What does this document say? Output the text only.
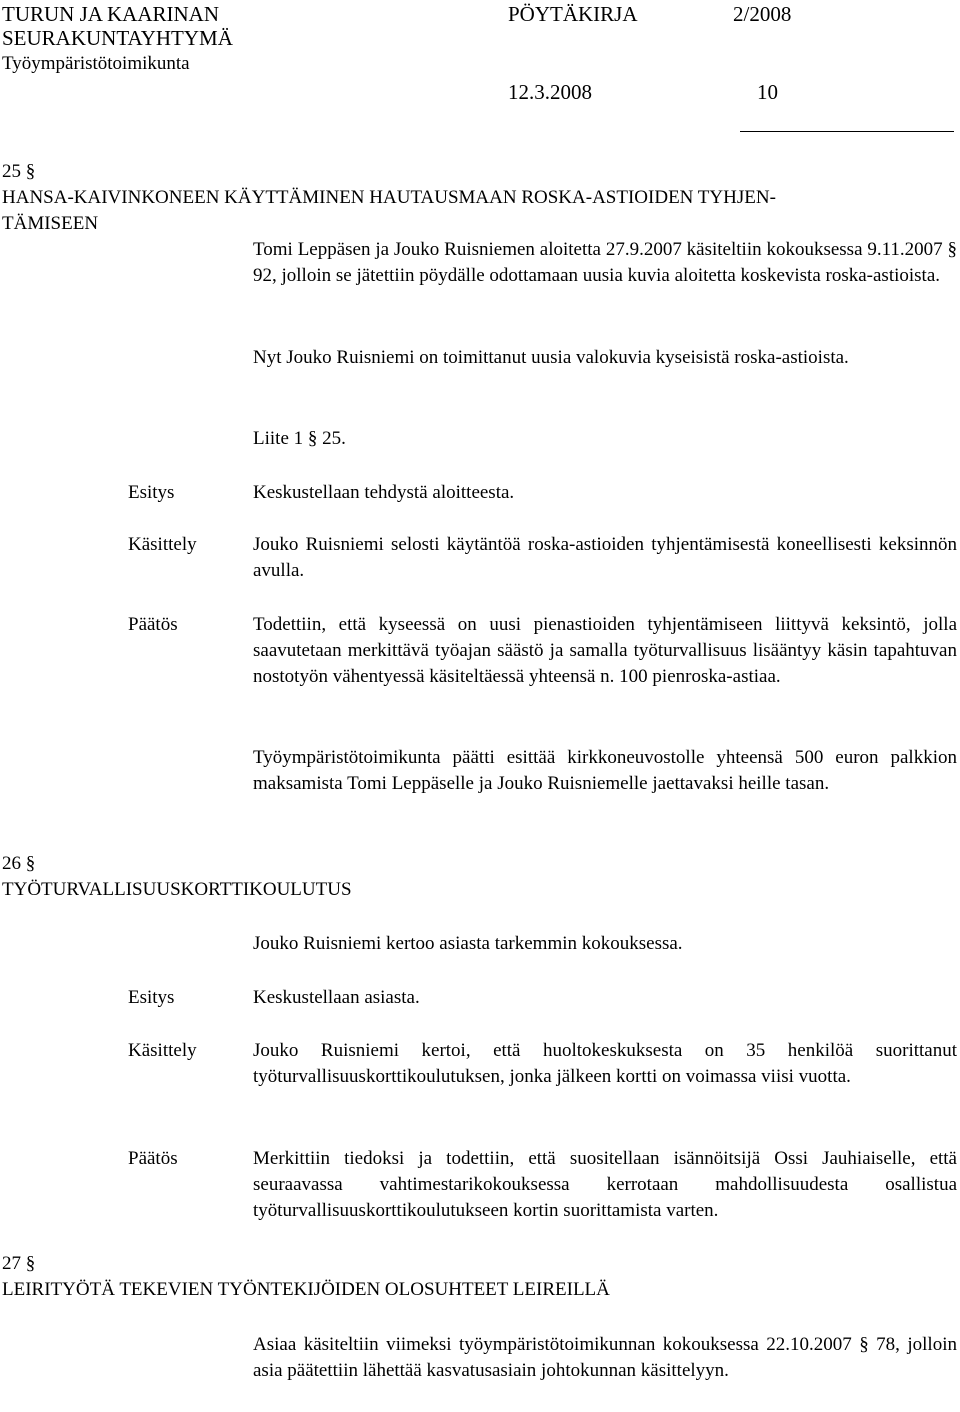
TURUN JA KAARINAN
SEURAKUNTAYHTYMÄ
Työympäristötoimikunta
PÖYTÄKIRJA	2/2008
12.3.2008	10
25 §
HANSA-KAIVINKONEEN KÄYTTÄMINEN HAUTAUSMAAN ROSKA-ASTIOIDEN TYHJEN-
TÄMISEEN
Tomi Leppäsen ja Jouko Ruisniemen aloitetta 27.9.2007 käsiteltiin kokouksessa 9.11.2007 § 92, jolloin se jätettiin pöydälle odottamaan uusia kuvia aloitetta koskevista roska-astioista.
Nyt Jouko Ruisniemi on toimittanut uusia valokuvia kyseisistä roska-astioista.
Liite 1 § 25.
Esitys	Keskustellaan tehdystä aloitteesta.
Käsittely	Jouko Ruisniemi selosti käytäntöä roska-astioiden tyhjentämisestä koneellisesti keksinnön avulla.
Päätös	Todettiin, että kyseessä on uusi pienastioiden tyhjentämiseen liittyvä keksintö, jolla saavutetaan merkittävä työajan säästö ja samalla työturvallisuus lisääntyy käsin tapahtuvan nostotyön vähentyessä käsiteltäessä yhteensä n. 100 pienroska-astiaa.
Työympäristötoimikunta päätti esittää kirkkoneuvostolle yhteensä 500 euron palkkion maksamista Tomi Leppäselle ja Jouko Ruisniemelle jaettavaksi heille tasan.
26 §
TYÖTURVALLISUUSKORTTIKOULUTUS
Jouko Ruisniemi kertoo asiasta tarkemmin kokouksessa.
Esitys	Keskustellaan asiasta.
Käsittely	Jouko Ruisniemi kertoi, että huoltokeskuksesta on 35 henkilöä suorittanut työturvallisuuskorttikoulutuksen, jonka jälkeen kortti on voimassa viisi vuotta.
Päätös	Merkittiin tiedoksi ja todettiin, että suositellaan isännöitsijä Ossi Jauhiaiselle, että seuraavassa vahtimestarikokouksessa kerrotaan mahdollisuudesta osallistua työturvallisuuskorttikoulutukseen kortin suorittamista varten.
27 §
LEIRITYÖTÄ TEKEVIEN TYÖNTEKIJÖIDEN OLOSUHTEET LEIREILLÄ
Asiaa käsiteltiin viimeksi työympäristötoimikunnan kokouksessa 22.10.2007 § 78, jolloin asia päätettiin lähettää kasvatusasiain johtokunnan käsittelyyn.
